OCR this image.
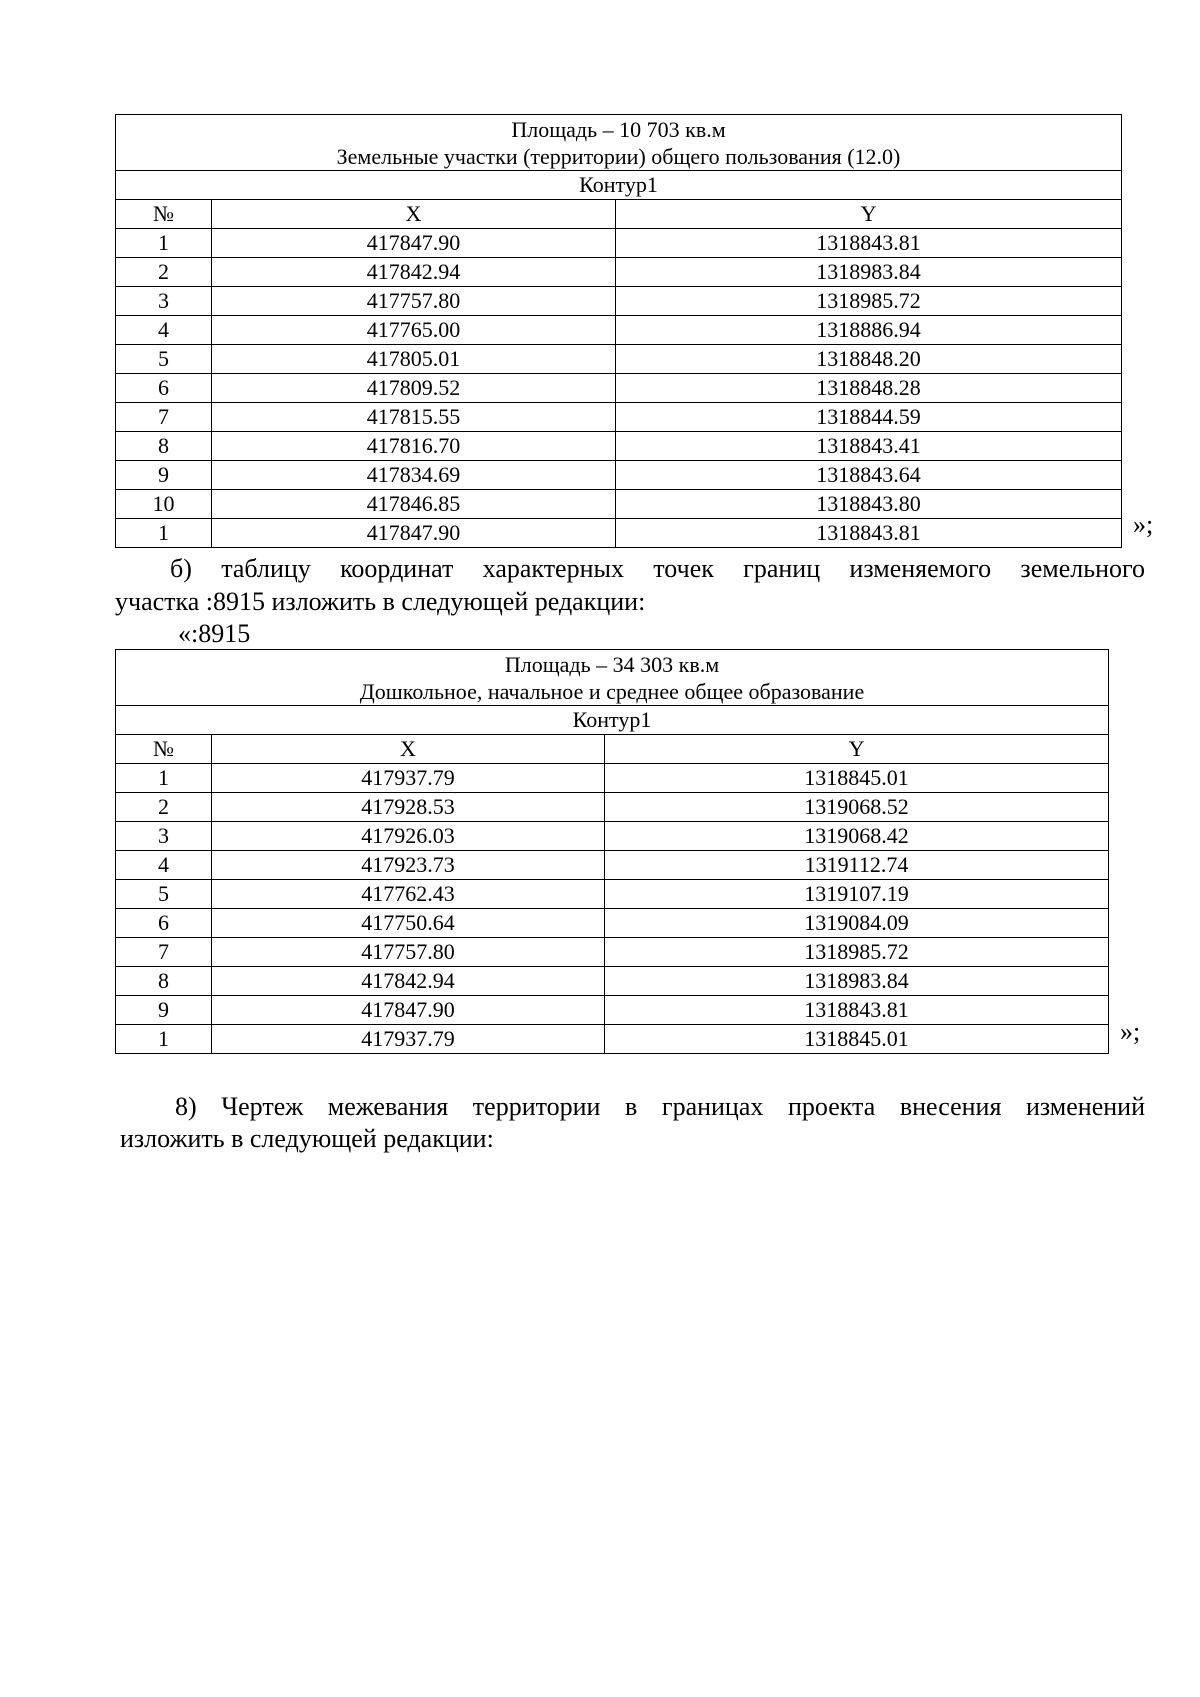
Площадь – 10 703 кв.м
Земельные участки (территории) общего пользования (12.0)		

Контур1		
№	X	Y
1	417847.90	1318843.81
2	417842.94	1318983.84
3	417757.80	1318985.72
4	417765.00	1318886.94
5	417805.01	1318848.20
6	417809.52	1318848.28
7	417815.55	1318844.59
8	417816.70	1318843.41
9	417834.69	1318843.64
10	417846.85	1318843.80
1	417847.90	1318843.81	»;
б) таблицу координат характерных точек границ изменяемого земельного
участка :8915 изложить в следующей редакции:
«:8915
Площадь – 34 303 кв.м
Дошкольное, начальное и среднее общее образование		

Контур1		
№	X	Y
1	417937.79	1318845.01
2	417928.53	1319068.52
3	417926.03	1319068.42
4	417923.73	1319112.74
5	417762.43	1319107.19
6	417750.64	1319084.09
7	417757.80	1318985.72
8	417842.94	1318983.84
9	417847.90	1318843.81
1	417937.79	1318845.01	»;
8) Чертеж межевания территории в границах проекта внесения изменений
изложить в следующей редакции:
